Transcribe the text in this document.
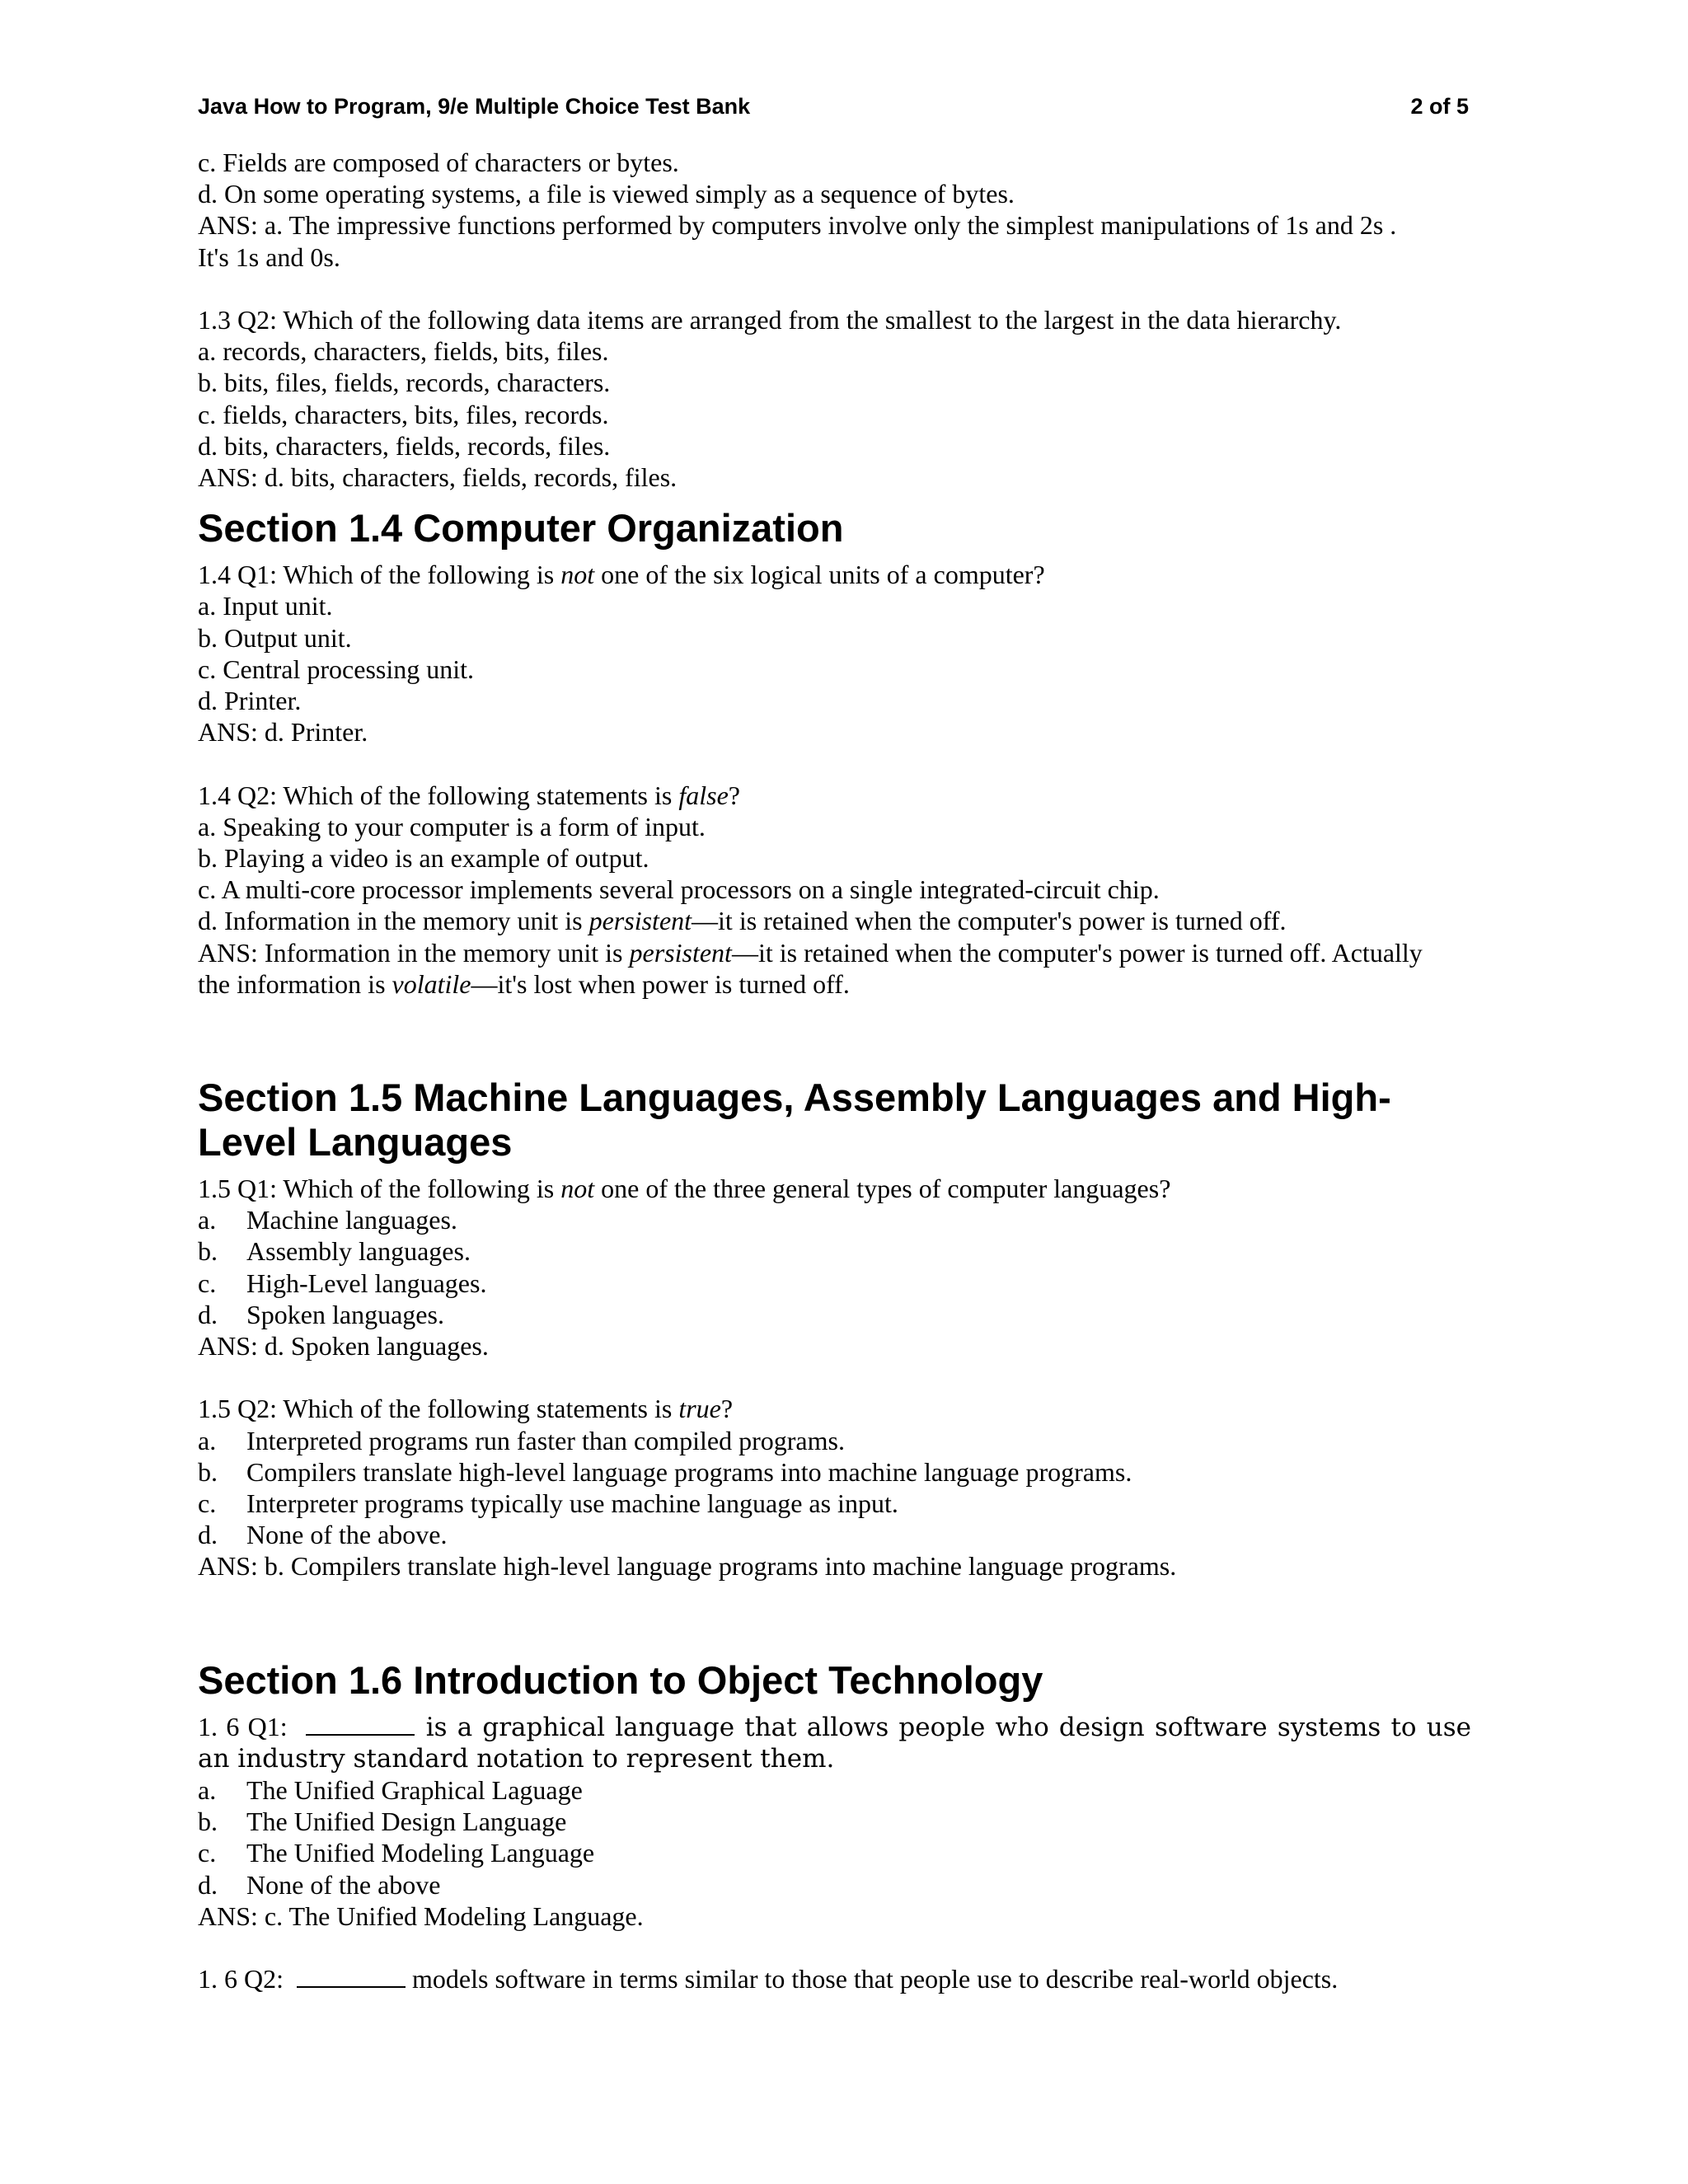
Java How to Program, 9/e Multiple Choice Test Bank	2 of 5
c. Fields are composed of characters or bytes.
d. On some operating systems, a file is viewed simply as a sequence of bytes.
ANS: a. The impressive functions performed by computers involve only the simplest manipulations of 1s and 2s .
It's 1s and 0s.
1.3 Q2: Which of the following data items are arranged from the smallest to the largest in the data hierarchy.
a. records, characters, fields, bits, files.
b. bits, files, fields, records, characters.
c. fields, characters, bits, files, records.
d. bits, characters, fields, records, files.
ANS: d. bits, characters, fields, records, files.
Section 1.4 Computer Organization
1.4 Q1: Which of the following is not one of the six logical units of a computer?
a. Input unit.
b. Output unit.
c. Central processing unit.
d. Printer.
ANS: d. Printer.
1.4 Q2: Which of the following statements is false?
a. Speaking to your computer is a form of input.
b. Playing a video is an example of output.
c. A multi-core processor implements several processors on a single integrated-circuit chip.
d. Information in the memory unit is persistent—it is retained when the computer's power is turned off.
ANS: Information in the memory unit is persistent—it is retained when the computer's power is turned off. Actually
the information is volatile—it's lost when power is turned off.
Section 1.5 Machine Languages, Assembly Languages and High-Level Languages
1.5 Q1: Which of the following is not one of the three general types of computer languages?
a.	Machine languages.
b.	Assembly languages.
c.	High-Level languages.
d.	Spoken languages.
ANS: d. Spoken languages.
1.5 Q2: Which of the following statements is true?
a.	Interpreted programs run faster than compiled programs.
b.	Compilers translate high-level language programs into machine language programs.
c.	Interpreter programs typically use machine language as input.
d.	None of the above.
ANS: b. Compilers translate high-level language programs into machine language programs.
Section 1.6 Introduction to Object Technology
1. 6 Q1:	is a graphical language that allows people who design software systems to use an industry standard notation to represent them.
a.	The Unified Graphical Laguage
b.	The Unified Design Language
c.	The Unified Modeling Language
d.	None of the above
ANS: c. The Unified Modeling Language.
1. 6 Q2:	models software in terms similar to those that people use to describe real-world objects.
